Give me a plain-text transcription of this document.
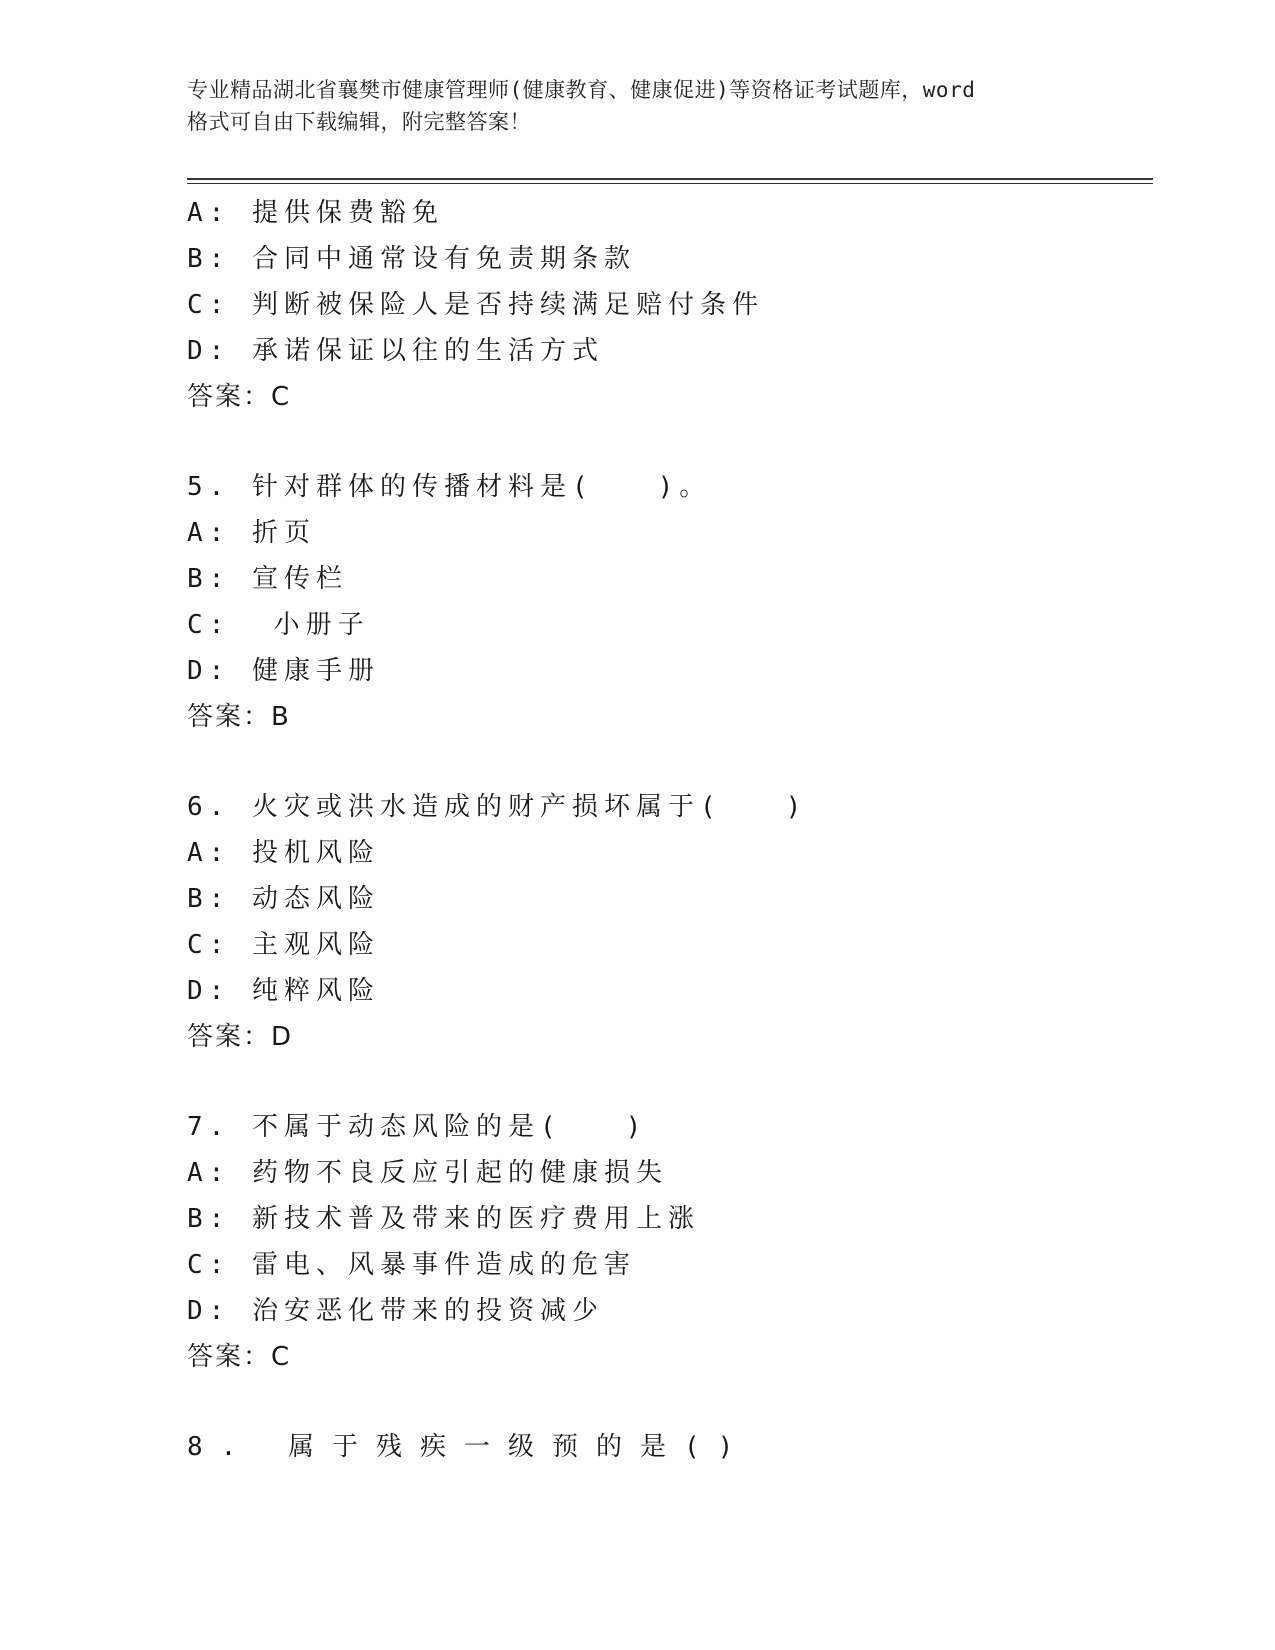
专业精品湖北省襄樊市健康管理师(健康教育、健康促进)等资格证考试题库，word
格式可自由下载编辑，附完整答案！
A: 提供保费豁免
B: 合同中通常设有免责期条款
C: 判断被保险人是否持续满足赔付条件
D: 承诺保证以往的生活方式
答案：C
5. 针对群体的传播材料是(　　)。
A: 折页
B: 宣传栏
C:  小册子
D: 健康手册
答案：B
6. 火灾或洪水造成的财产损坏属于(　　)
A: 投机风险
B: 动态风险
C: 主观风险
D: 纯粹风险
答案：D
7. 不属于动态风险的是(　　)
A: 药物不良反应引起的健康损失
B: 新技术普及带来的医疗费用上涨
C: 雷电、风暴事件造成的危害
D: 治安恶化带来的投资减少
答案：C
8. 属于残疾一级预的是()
